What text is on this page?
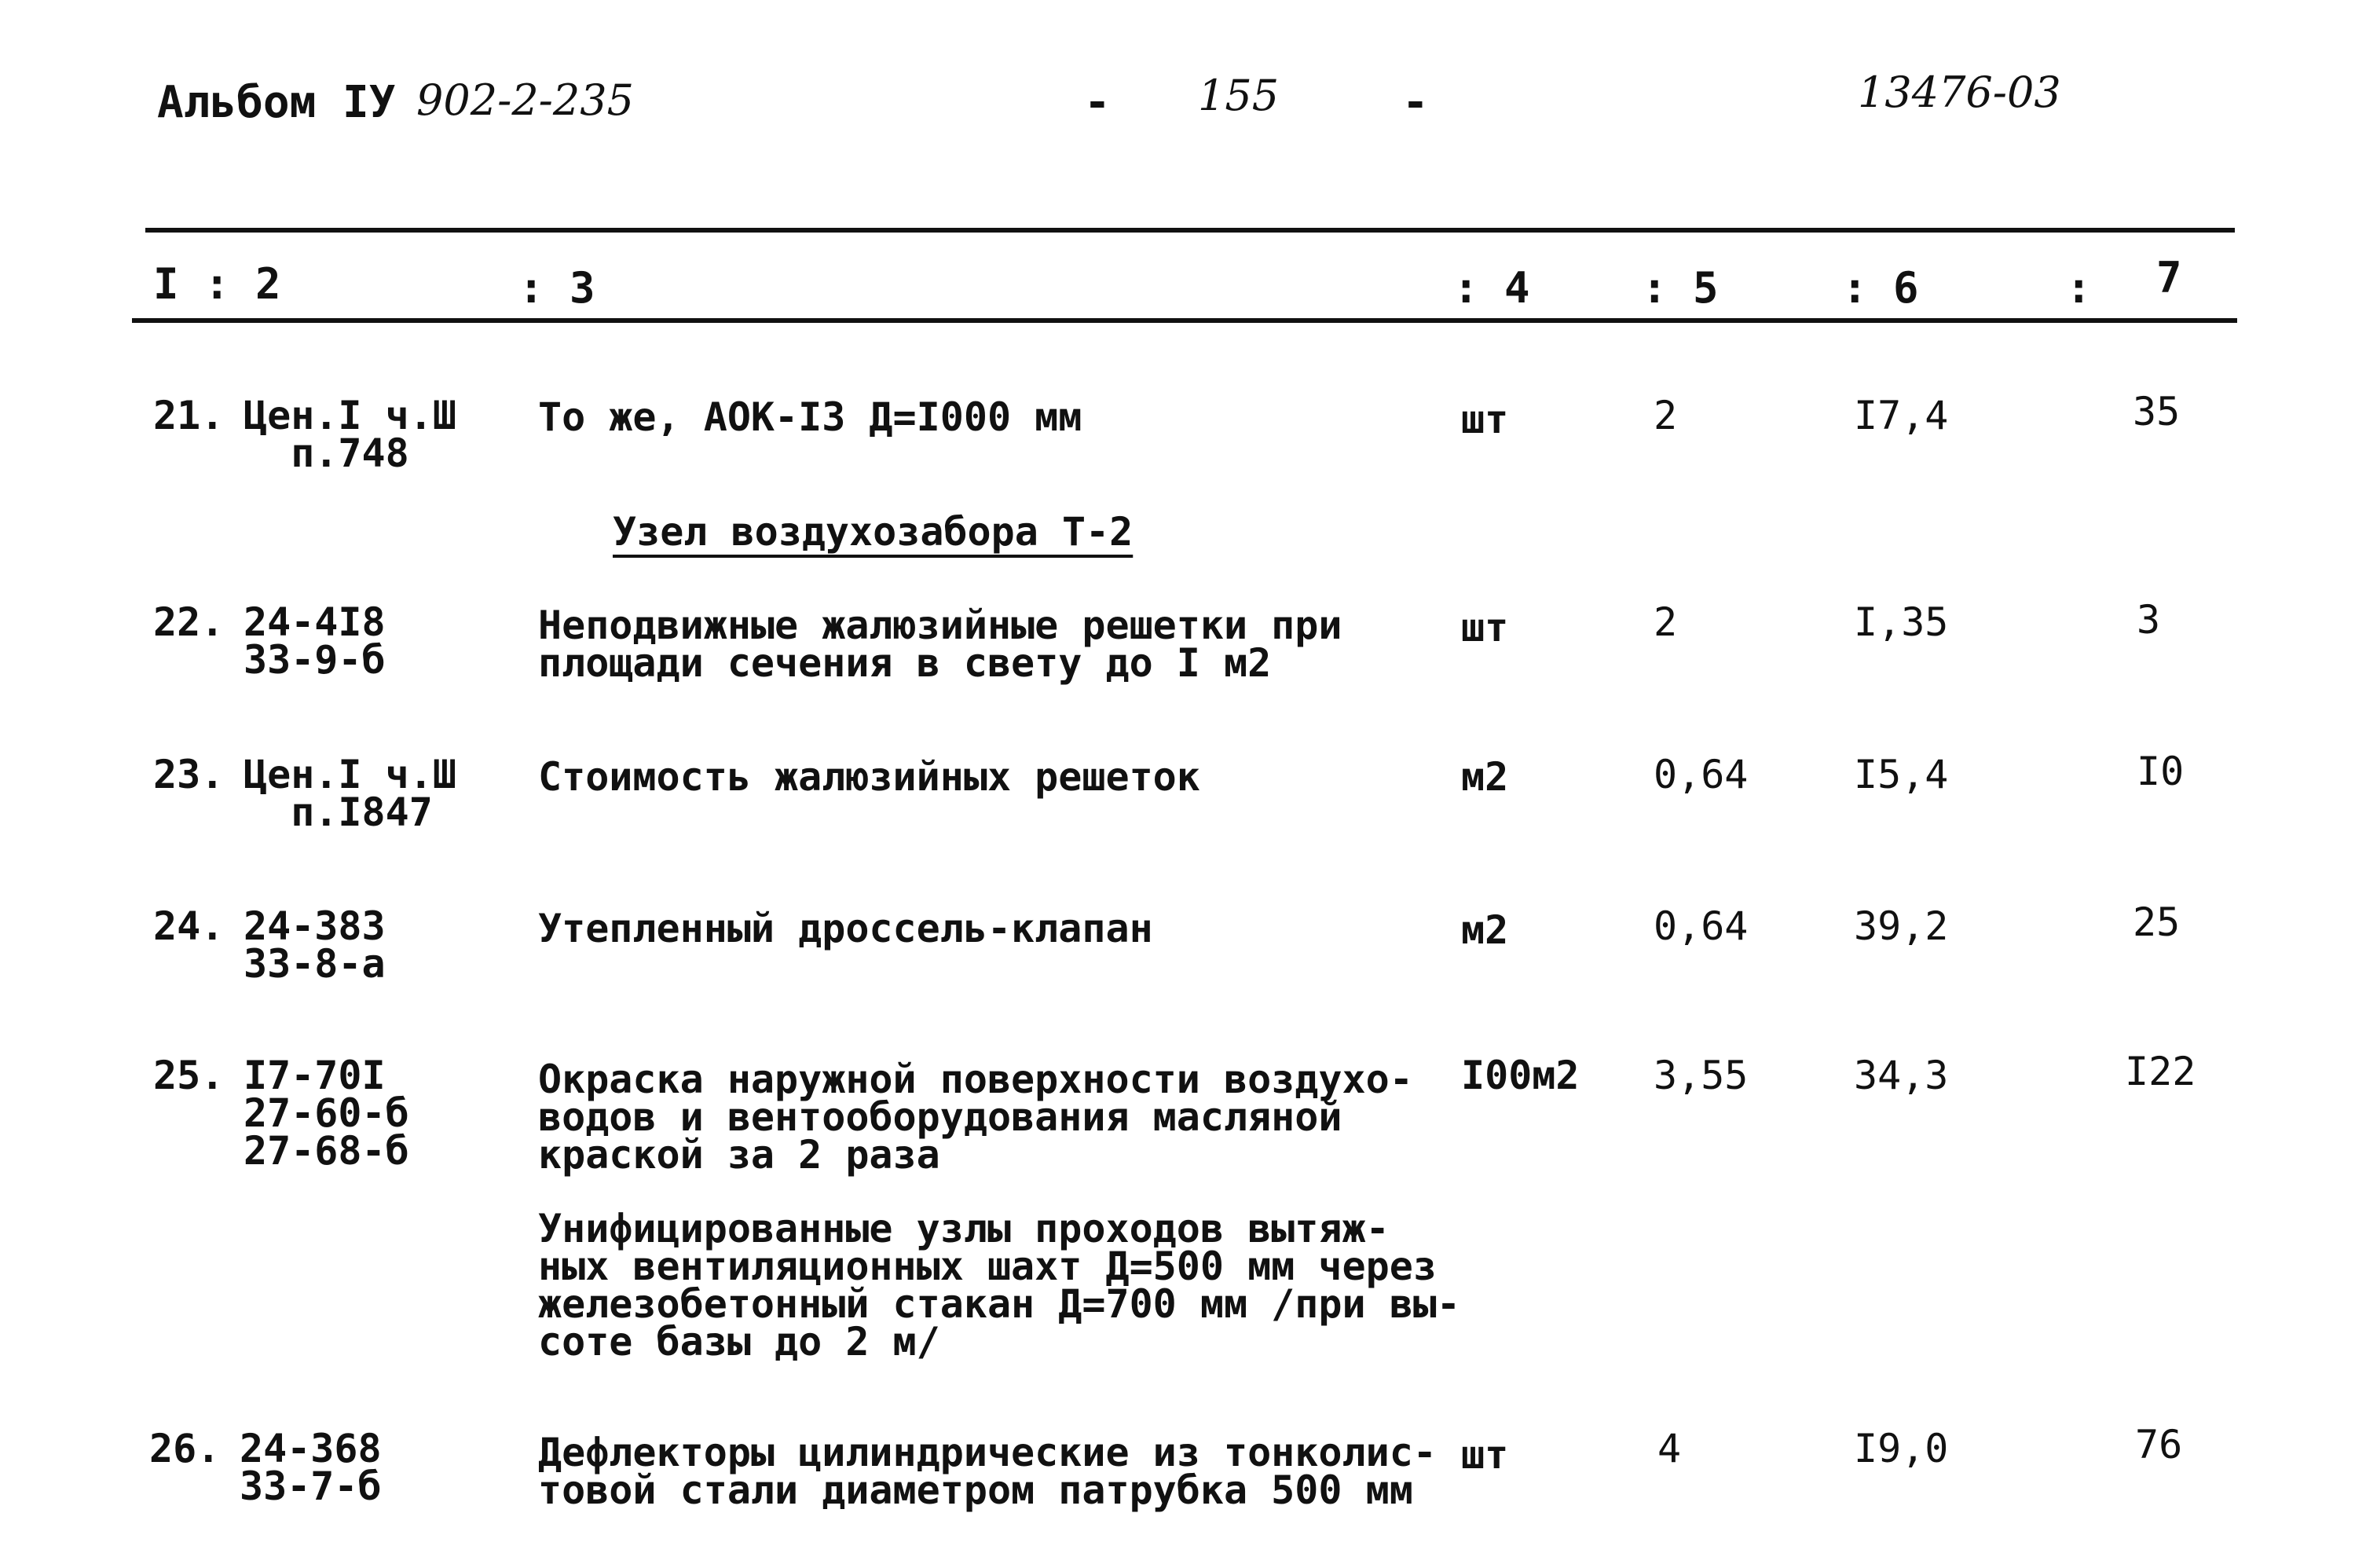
Альбом IУ 902-2-235	- 155	-	13476-03
I : 2	: 3	: 4	: 5	: 6	: 7
21. Цен.I ч.Ш
п.748
То же, АОК-I3 Д=I000 мм	шт	2	I7,4	35
Узел воздухозабора Т-2
22. 24-4I8
33-9-б
Неподвижные жалюзийные решетки при
площади сечения в свету до I м2
шт	2	I,35	3
23. Цен.I ч.Ш
п.I847
Стоимость жалюзийных решеток	м2	0,64	I5,4	I0
24. 24-383
33-8-а
Утепленный дроссель-клапан	м2	0,64	39,2	25
25. I7-70I
27-60-б
27-68-б
Окраска наружной поверхности воздухо-
водов и вентооборудования масляной
краской за 2 раза
I00м2 3,55	34,3	I22
Унифицированные узлы проходов вытяж-
ных вентиляционных шахт Д=500 мм через
железобетонный стакан Д=700 мм /при вы-
соте базы до 2 м/
26. 24-368
33-7-б
Дефлекторы цилиндрические из тонколис-
товой стали диаметром патрубка 500 мм
шт	4	I9,0	76
